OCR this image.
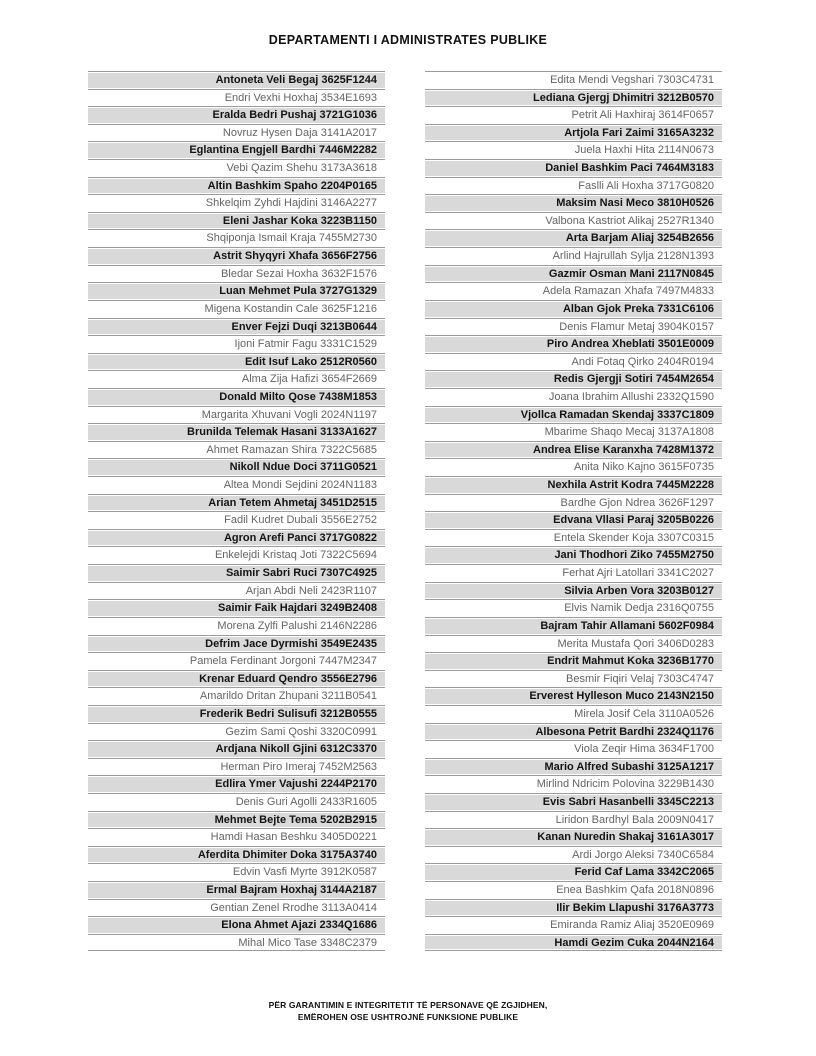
DEPARTAMENTI I ADMINISTRATES PUBLIKE
Antoneta Veli Begaj 3625F1244
Endri Vexhi Hoxhaj 3534E1693
Eralda Bedri Pushaj 3721G1036
Novruz Hysen Daja 3141A2017
Eglantina Engjell Bardhi 7446M2282
Vebi Qazim Shehu 3173A3618
Altin Bashkim Spaho 2204P0165
Shkelqim Zyhdi Hajdini 3146A2277
Eleni Jashar Koka 3223B1150
Shqiponja Ismail Kraja 7455M2730
Astrit Shyqyri Xhafa 3656F2756
Bledar Sezai Hoxha 3632F1576
Luan Mehmet Pula 3727G1329
Migena Kostandin Cale 3625F1216
Enver Fejzi Duqi 3213B0644
Ijoni Fatmir Fagu 3331C1529
Edit Isuf Lako 2512R0560
Alma Zija Hafizi 3654F2669
Donald Milto Qose 7438M1853
Margarita Xhuvani Vogli 2024N1197
Brunilda Telemak Hasani 3133A1627
Ahmet Ramazan Shira 7322C5685
Nikoll Ndue Doci 3711G0521
Altea Mondi Sejdini 2024N1183
Arian Tetem Ahmetaj 3451D2515
Fadil Kudret Dubali 3556E2752
Agron Arefi Panci 3717G0822
Enkelejdi Kristaq Joti 7322C5694
Saimir Sabri Ruci 7307C4925
Arjan Abdi Neli 2423R1107
Saimir Faik Hajdari 3249B2408
Morena Zylfi Palushi 2146N2286
Defrim Jace Dyrmishi 3549E2435
Pamela Ferdinant Jorgoni 7447M2347
Krenar Eduard Qendro 3556E2796
Amarildo Dritan Zhupani 3211B0541
Frederik Bedri Sulisufi 3212B0555
Gezim Sami Qoshi 3320C0991
Ardjana Nikoll Gjini 6312C3370
Herman Piro Imeraj 7452M2563
Edlira Ymer Vajushi 2244P2170
Denis Guri Agolli 2433R1605
Mehmet Bejte Tema 5202B2915
Hamdi Hasan Beshku 3405D0221
Aferdita Dhimiter Doka 3175A3740
Edvin Vasfi Myrte 3912K0587
Ermal Bajram Hoxhaj 3144A2187
Gentian Zenel Rrodhe 3113A0414
Elona Ahmet Ajazi 2334Q1686
Mihal Mico Tase 3348C2379
Edita Mendi Vegshari 7303C4731
Lediana Gjergj Dhimitri 3212B0570
Petrit Ali Haxhiraj 3614F0657
Artjola Fari Zaimi 3165A3232
Juela Haxhi Hita 2114N0673
Daniel Bashkim Paci 7464M3183
Faslli Ali Hoxha 3717G0820
Maksim Nasi Meco 3810H0526
Valbona Kastriot Alikaj 2527R1340
Arta Barjam Aliaj 3254B2656
Arlind Hajrullah Sylja 2128N1393
Gazmir Osman Mani 2117N0845
Adela Ramazan Xhafa 7497M4833
Alban Gjok Preka 7331C6106
Denis Flamur Metaj 3904K0157
Piro Andrea Xheblati 3501E0009
Andi Fotaq Qirko 2404R0194
Redis Gjergji Sotiri 7454M2654
Joana Ibrahim Allushi 2332Q1590
Vjollca Ramadan Skendaj 3337C1809
Mbarime Shaqo Mecaj 3137A1808
Andrea Elise Karanxha 7428M1372
Anita Niko Kajno 3615F0735
Nexhila Astrit Kodra 7445M2228
Bardhe Gjon Ndrea 3626F1297
Edvana Vllasi Paraj 3205B0226
Entela Skender Koja 3307C0315
Jani Thodhori Ziko 7455M2750
Ferhat Ajri Latollari 3341C2027
Silvia Arben Vora 3203B0127
Elvis Namik Dedja 2316Q0755
Bajram Tahir Allamani 5602F0984
Merita Mustafa Qori 3406D0283
Endrit Mahmut Koka 3236B1770
Besmir Fiqiri Velaj 7303C4747
Erverest Hylleson Muco 2143N2150
Mirela Josif Cela 3110A0526
Albesona Petrit Bardhi 2324Q1176
Viola Zeqir Hima 3634F1700
Mario Alfred Subashi 3125A1217
Mirlind Ndricim Polovina 3229B1430
Evis Sabri Hasanbelli 3345C2213
Liridon Bardhyl Bala 2009N0417
Kanan Nuredin Shakaj 3161A3017
Ardi Jorgo Aleksi 7340C6584
Ferid Caf Lama 3342C2065
Enea Bashkim Qafa 2018N0896
Ilir Bekim Llapushi 3176A3773
Emiranda Ramiz Aliaj 3520E0969
Hamdi Gezim Cuka 2044N2164
PËR GARANTIMIN E INTEGRITETIT TË PERSONAVE QË ZGJIDHEN,
EMËROHEN OSE USHTROJNË FUNKSIONE PUBLIKE
